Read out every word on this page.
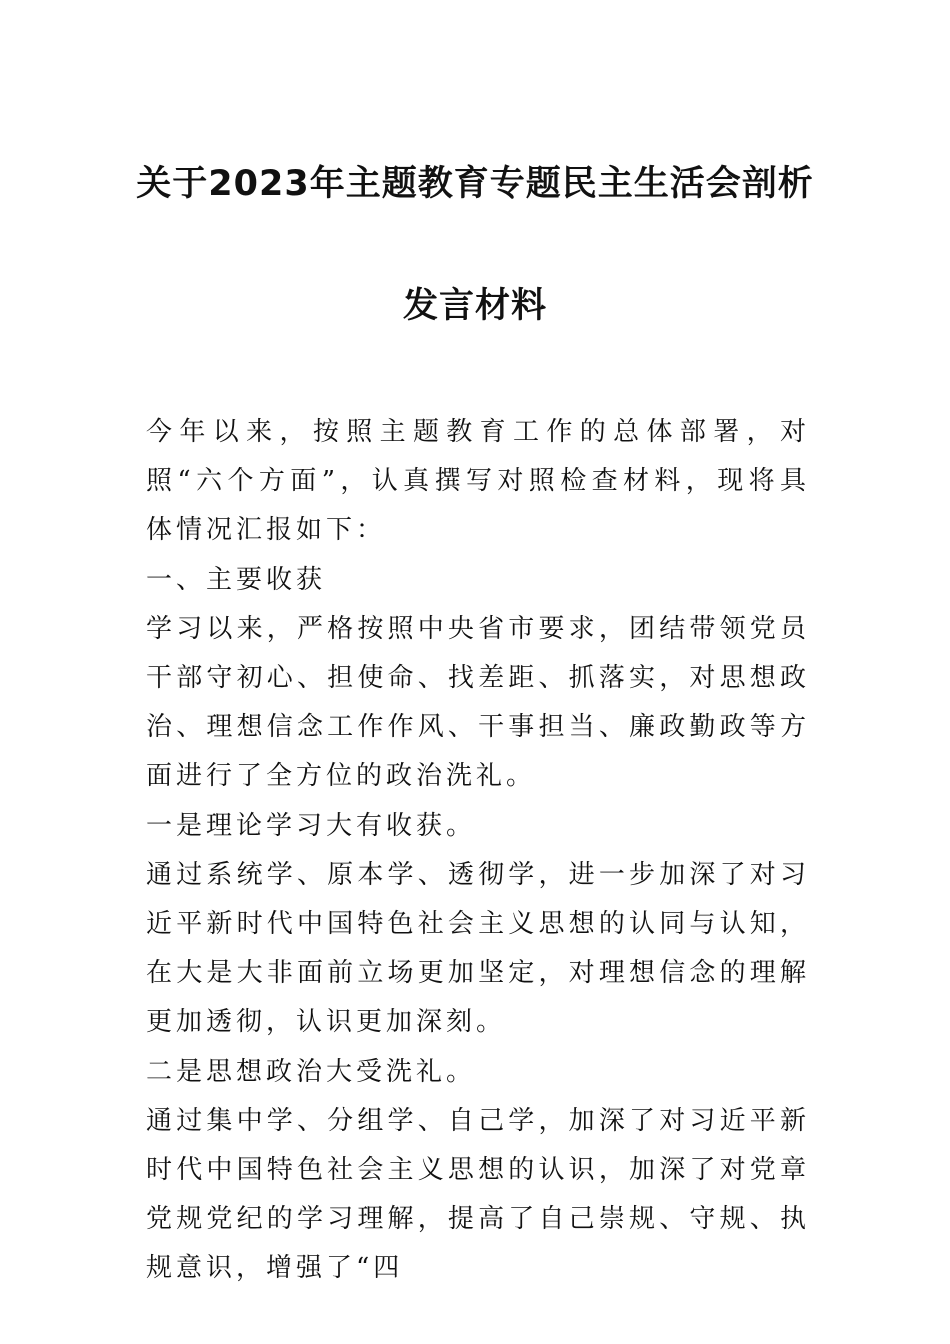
关于2023年主题教育专题民主生活会剖析
发言材料

今年以来，按照主题教育工作的总体部署，对照“六个方面”，认真撰写对照检查材料，现将具体情况汇报如下：

一、主要收获

学习以来，严格按照中央省市要求，团结带领党员干部守初心、担使命、找差距、抓落实，对思想政治、理想信念工作作风、干事担当、廉政勤政等方面进行了全方位的政治洗礼。

一是理论学习大有收获。

通过系统学、原本学、透彻学，进一步加深了对习近平新时代中国特色社会主义思想的认同与认知，在大是大非面前立场更加坚定，对理想信念的理解更加透彻，认识更加深刻。

二是思想政治大受洗礼。

通过集中学、分组学、自己学，加深了对习近平新时代中国特色社会主义思想的认识，加深了对党章党规党纪的学习理解，提高了自己崇规、守规、执规意识，增强了“四
